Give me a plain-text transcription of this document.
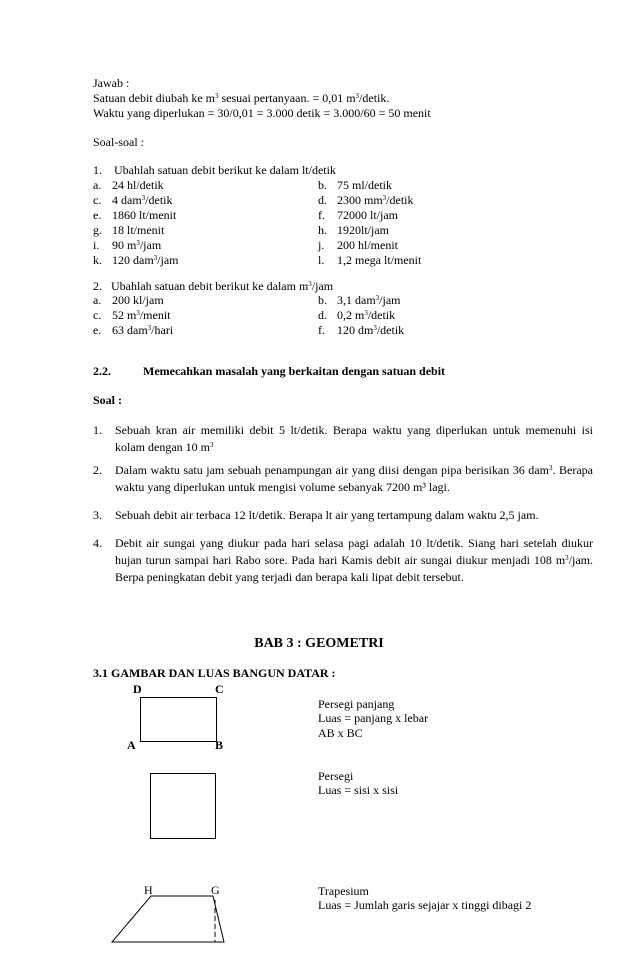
Jawab :
Satuan debit diubah ke $m^3$ sesuai pertanyaan. = 0,01 $m^3$/detik.
Waktu yang diperlukan = 30/0,01 = 3.000 detik = 3.000/60 = 50 menit
Soal-soal :
1. Ubahlah satuan debit berikut ke dalam lt/detik
a. 24 hl/detik	b. 75 ml/detik
c. 4 dam$^3$/detik	d. 2300 $mm^3$/detik
e. 1860 lt/menit	f. 72000 lt/jam
g. 18 lt/menit	h. 1920lt/jam
i. 90 $m^3$/jam	j. 200 hl/menit
k. 120 dam$^3$/jam	l. 1,2 mega lt/menit
2. Ubahlah satuan debit berikut ke dalam $m^3$/jam
a. 200 kl/jam	b. 3,1 dam$^3$/jam
c. 52 $m^3$/menit	d. 0,2 $m^3$/detik
e. 63 dam$^3$/hari	f. 120 $dm^3$/detik
2.2.	Memecahkan masalah yang berkaitan dengan satuan debit
Soal :
1. Sebuah kran air memiliki debit 5 lt/detik. Berapa waktu yang diperlukan untuk memenuhi isi kolam dengan 10 $m^3$
2. Dalam waktu satu jam sebuah penampungan air yang diisi dengan pipa berisikan 36 dam$^3$. Berapa waktu yang diperlukan untuk mengisi volume sebanyak 7200 m³ lagi.
3. Sebuah debit air terbaca 12 lt/detik. Berapa lt air yang tertampung dalam waktu 2,5 jam.
4. Debit air sungai yang diukur pada hari selasa pagi adalah 10 lt/detik. Siang hari setelah diukur hujan turun sampai hari Rabo sore. Pada hari Kamis debit air sungai diukur menjadi 108 $m^3$/jam. Berpa peningkatan debit yang terjadi dan berapa kali lipat debit tersebut.
BAB 3 : GEOMETRI
3.1 GAMBAR DAN LUAS BANGUN DATAR :
D	C
A	B
Persegi panjang
Luas = panjang x lebar
AB x BC
Persegi
Luas = sisi x sisi
H	G	Trapesium
Luas = Jumlah garis sejajar x tinggi dibagi 2
